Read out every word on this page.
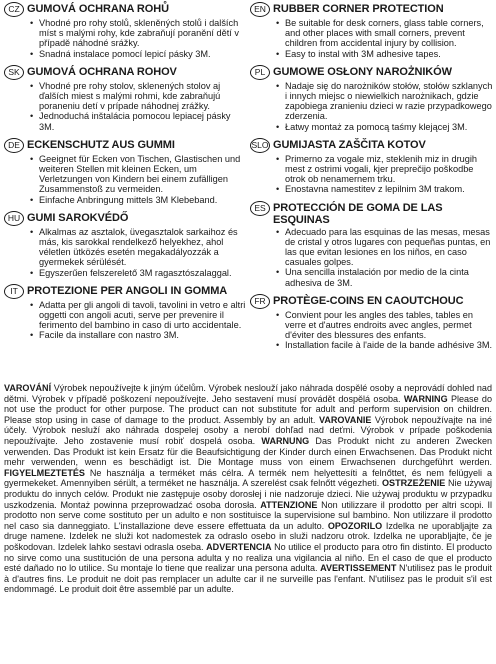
CZ GUMOVÁ OCHRANA ROHŮ
• Vhodné pro rohy stolů, skleněných stolů i dalších míst s malými rohy, kde zabraňují poranění dětí v případě náhodné srážky.
• Snadná instalace pomocí lepicí pásky 3M.
SK GUMOVÁ OCHRANA ROHOV
• Vhodné pre rohy stolov, sklenených stolov aj ďalších miest s malými rohmi, kde zabraňujú poraneniu detí v prípade náhodnej zrážky.
• Jednoduchá inštalácia pomocou lepiacej pásky 3M.
DE ECKENSCHUTZ AUS GUMMI
• Geeignet für Ecken von Tischen, Glastischen und weiteren Stellen mit kleinen Ecken, um Verletzungen von Kindern bei einem zufälligen Zusammenstoß zu vermeiden.
• Einfache Anbringung mittels 3M Klebeband.
HU GUMI SAROKVÉDŐ
• Alkalmas az asztalok, üvegasztalok sarkaihoz és más, kis sarokkal rendelkező helyekhez, ahol véletlen ütközés esetén megakadályozzák a gyermekek sérülését.
• Egyszerűen felszerelető 3M ragasztószalaggal.
IT PROTEZIONE PER ANGOLI IN GOMMA
• Adatta per gli angoli di tavoli, tavolini in vetro e altri oggetti con angoli acuti, serve per prevenire il ferimento del bambino in caso di urto accidentale.
• Facile da installare con nastro 3M.
EN RUBBER CORNER PROTECTION
• Be suitable for desk corners, glass table corners, and other places with small corners, prevent children from accidental injury by collision.
• Easy to instal with 3M adhesive tapes.
PL GUMOWE OSŁONY NAROŻNIKÓW
• Nadaje się do narożników stołów, stołów szklanych i innych miejsc o niewielkich narożnikach, gdzie zapobiega zranieniu dzieci w razie przypadkowego zderzenia.
• Łatwy montaż za pomocą taśmy klejącej 3M.
SLO GUMIJASTA ZAŠČITA KOTOV
• Primerno za vogale miz, steklenih miz in drugih mest z ostrimi vogali, kjer preprečijo poškodbe otrok ob nenamernem trku.
• Enostavna namestitev z lepilnim 3M trakom.
ES PROTECCIÓN DE GOMA DE LAS ESQUINAS
• Adecuado para las esquinas de las mesas, mesas de cristal y otros lugares con pequeñas puntas, en las que evitan lesiones en los niños, en caso casuales golpes.
• Una sencilla instalación por medio de la cinta adhesiva de 3M.
FR PROTÈGE-COINS EN CAOUTCHOUC
• Convient pour les angles des tables, tables en verre et d'autres endroits avec angles, permet d'éviter des blessures des enfants.
• Installation facile à l'aide de la bande adhésive 3M.
VAROVÁNÍ Výrobek nepoužívejte k jiným účelům. Výrobek neslouží jako náhrada dospělé osoby a neprovádí dohled nad dětmi. Výrobek v případě poškození nepoužívejte. Jeho sestavení musí provádět dospělá osoba. WARNING Please do not use the product for other purpose. The product can not substitute for adult and perform supervision on children. Please stop using in case of damage to the product. Assembly by an adult. VAROVANIE Výrobok nepoužívajte na iné účely. Výrobok nesluží ako náhrada dospelej osoby a nerobí dohľad nad deťmi. Výrobok v prípade poškodenia nepoužívajte. Jeho zostavenie musí robiť dospelá osoba. WARNUNG Das Produkt nicht zu anderen Zwecken verwenden. Das Produkt ist kein Ersatz für die Beaufsichtigung der Kinder durch einen Erwachsenen. Das Produkt nicht mehr verwenden, wenn es beschädigt ist. Die Montage muss von einem Erwachsenen durchgeführt werden. FIGYELMEZTETÉS Ne használja a terméket más célra. A termék nem helyettesíti a felnőttet, és nem felügyeli a gyermekeket. Amennyiben sérült, a terméket ne használja. A szerelést csak felnőtt végezheti. OSTRZEŻENIE Nie używaj produktu do innych celów. Produkt nie zastępuje osoby dorosłej i nie nadzoruje dzieci. Nie używaj produktu w przypadku uszkodzenia. Montaż powinna przeprowadzać osoba dorosła. ATTENZIONE Non utilizzare il prodotto per altri scopi. Il prodotto non serve come sostituto per un adulto e non sostituisce la supervisione sul bambino. Non utilizzare il prodotto nel caso sia danneggiato. L'installazione deve essere effettuata da un adulto. OPOZORILO Izdelka ne uporabljajte za druge namene. Izdelek ne služi kot nadomestek za odraslo osebo in služi nadzoru otrok. Izdelka ne uporabljajte, če je poškodovan. Izdelek lahko sestavi odrasla oseba. ADVERTENCIA No utilice el producto para otro fin distinto. El producto no sirve como una sustitución de una persona adulta y no realiza una vigilancia al niño. En el caso de que el producto esté dañado no lo utilice. Su montaje lo tiene que realizar una persona adulta. AVERTISSEMENT N'utilisez pas le produit à d'autres fins. Le produit ne doit pas remplacer un adulte car il ne surveille pas l'enfant. N'utilisez pas le produit s'il est endommagé. Le produit doit être assemblé par un adulte.
